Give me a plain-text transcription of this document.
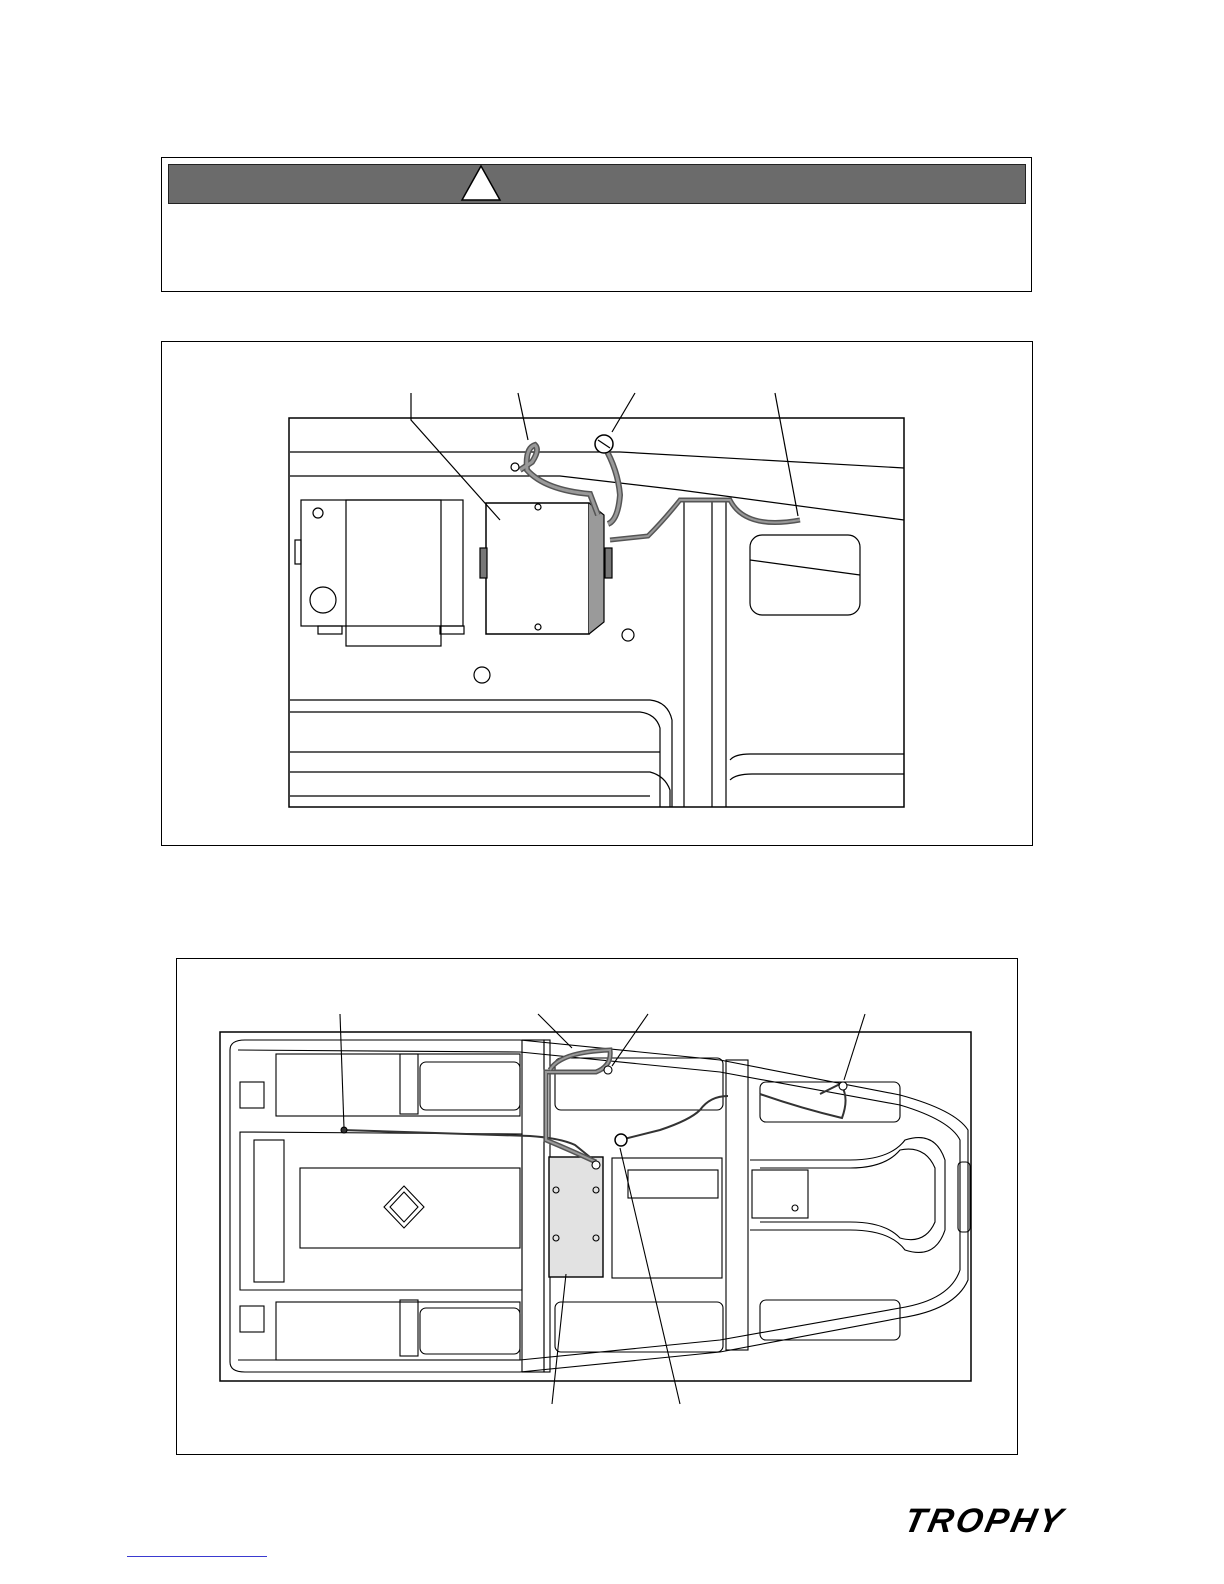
TROPHY
